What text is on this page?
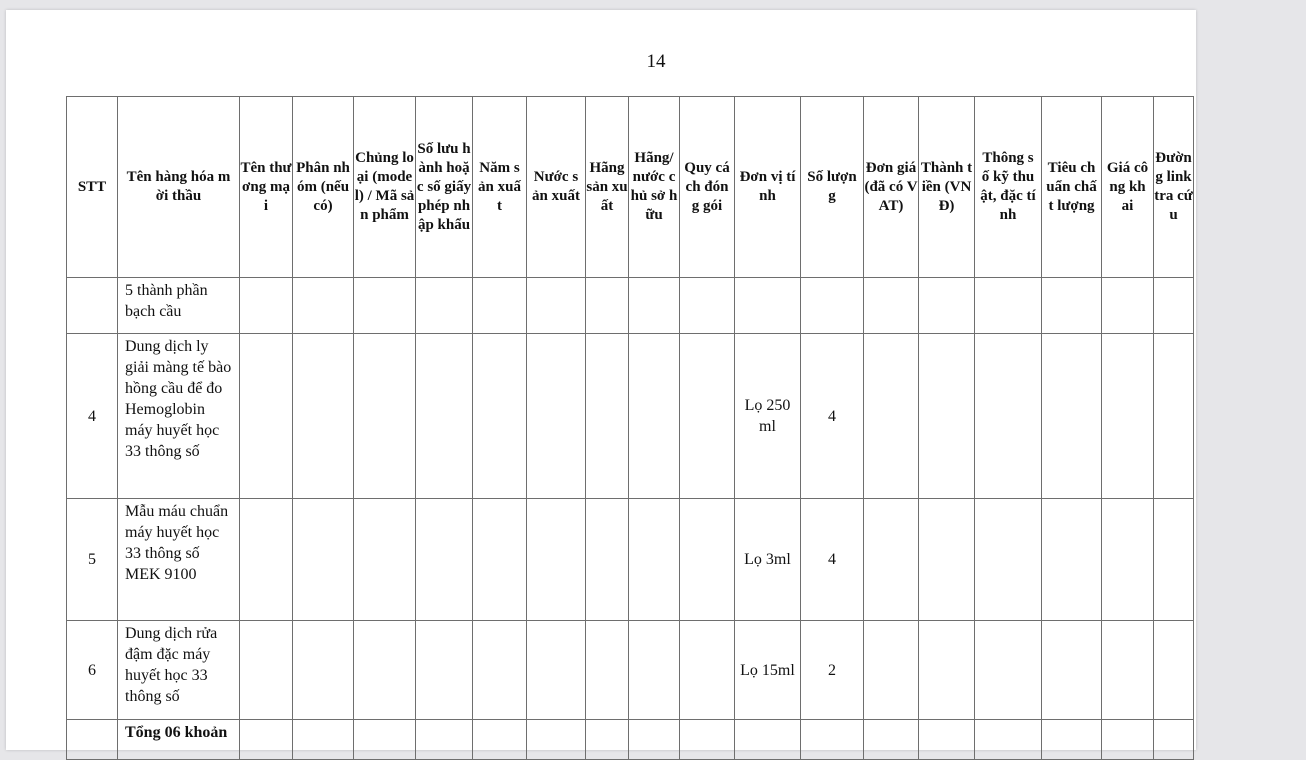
14
STT	Tên hàng hóa mời thầu	Tên thương mại	Phân nhóm (nếu có)	Chủng loại (model) / Mã sản phẩm	Số lưu hành hoặc số giấy phép nhập khẩu	Năm sản xuất	Nước sản xuất	Hãng sản xuất	Hãng/ nước chủ sở hữu	Quy cách đóng gói	Đơn vị tính	Số lượng	Đơn giá (đã có VAT)	Thành tiền (VNĐ)	Thông số kỹ thuật, đặc tính	Tiêu chuẩn chất lượng	Giá công khai	Đường link tra cứu
	5 thành phần bạch cầu																	
4	Dung dịch ly giải màng tế bào hồng cầu để đo Hemoglobin máy huyết học 33 thông số										Lọ 250 ml	4						
5	Mẫu máu chuẩn máy huyết học 33 thông số MEK 9100										Lọ 3ml	4						
6	Dung dịch rửa đậm đặc máy huyết học 33 thông số										Lọ 15ml	2						
	Tổng 06 khoản																	
